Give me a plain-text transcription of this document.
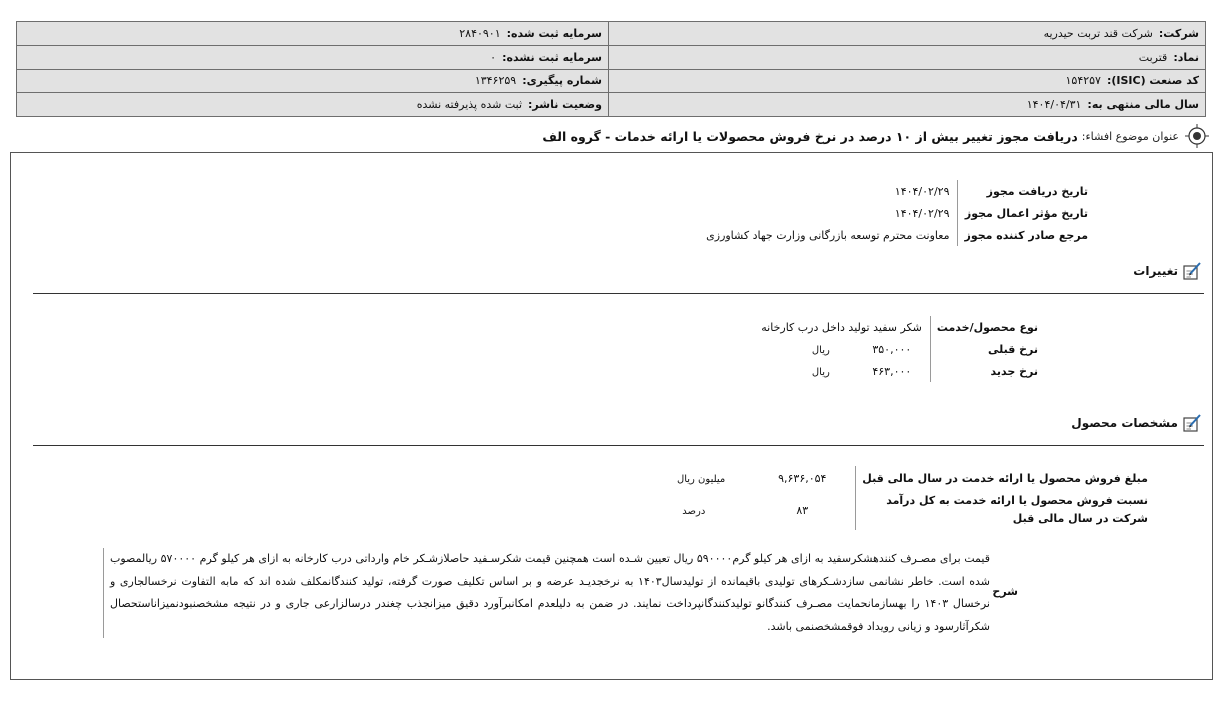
شرکت:شرکت قند تربت حیدریه	سرمایه ثبت شده:۲۸۴۰۹۰۱
نماد:قتربت	سرمایه ثبت نشده:۰
کد صنعت (ISIC):۱۵۴۲۵۷	شماره پیگیری:۱۳۴۶۲۵۹
سال مالی منتهی به:۱۴۰۴/۰۴/۳۱	وضعیت ناشر:ثبت شده پذیرفته نشده
عنوان موضوع افشاء:
دریافت مجوز تغییر بیش از ۱۰ درصد در نرخ فروش محصولات یا ارائه خدمات - گروه الف
تاریخ دریافت مجوز	۱۴۰۴/۰۲/۲۹
تاریخ مؤثر اعمال مجوز	۱۴۰۴/۰۲/۲۹
مرجع صادر کننده مجوز	معاونت محترم توسعه بازرگانی وزارت جهاد کشاورزی
تغییرات
نوع محصول/خدمت	شکر سفید تولید داخل درب کارخانه
نرخ قبلی	۳۵۰,۰۰۰ریال
نرخ جدید	۴۶۳,۰۰۰ریال
مشخصات محصول
مبلغ فروش محصول یا ارائه خدمت در سال مالی قبل	۹,۶۳۶,۰۵۴میلیون ریال
نسبت فروش محصول یا ارائه خدمت به کل درآمد
شرکت در سال مالی قبل	۸۳درصد
شرح
قیمت برای مصـرف کنندهشکرسفید به ازای هر کیلو گرم۵۹۰۰۰۰ ریال تعیین شـده است همچنین قیمت شکرسـفید حاصلازشـکر خام وارداتی درب کارخانه به ازای هر کیلو گرم ۵۷۰۰۰۰ ریالمصوب شده است. خاطر نشانمی سازدشـکرهای تولیدی باقیمانده از تولیدسال۱۴۰۳ به نرخجدیـد عرضه و بر اساس تکلیف صورت گرفته، تولید کنندگانمکلف شده اند که مابه التفاوت نرخسالجاری و نرخسال ۱۴۰۳ را بهسازمانحمایت مصـرف کنندگانو تولیدکنندگانپرداخت نمایند. در ضمن به دلیلعدم امکانبرآورد دقیق میزانجذب چغندر درسالزارعی جاری و در نتیجه مشخصنبودنمیزاناستحصال شکرآثارسود و زیانی رویداد فوقمشخصنمی باشد.
